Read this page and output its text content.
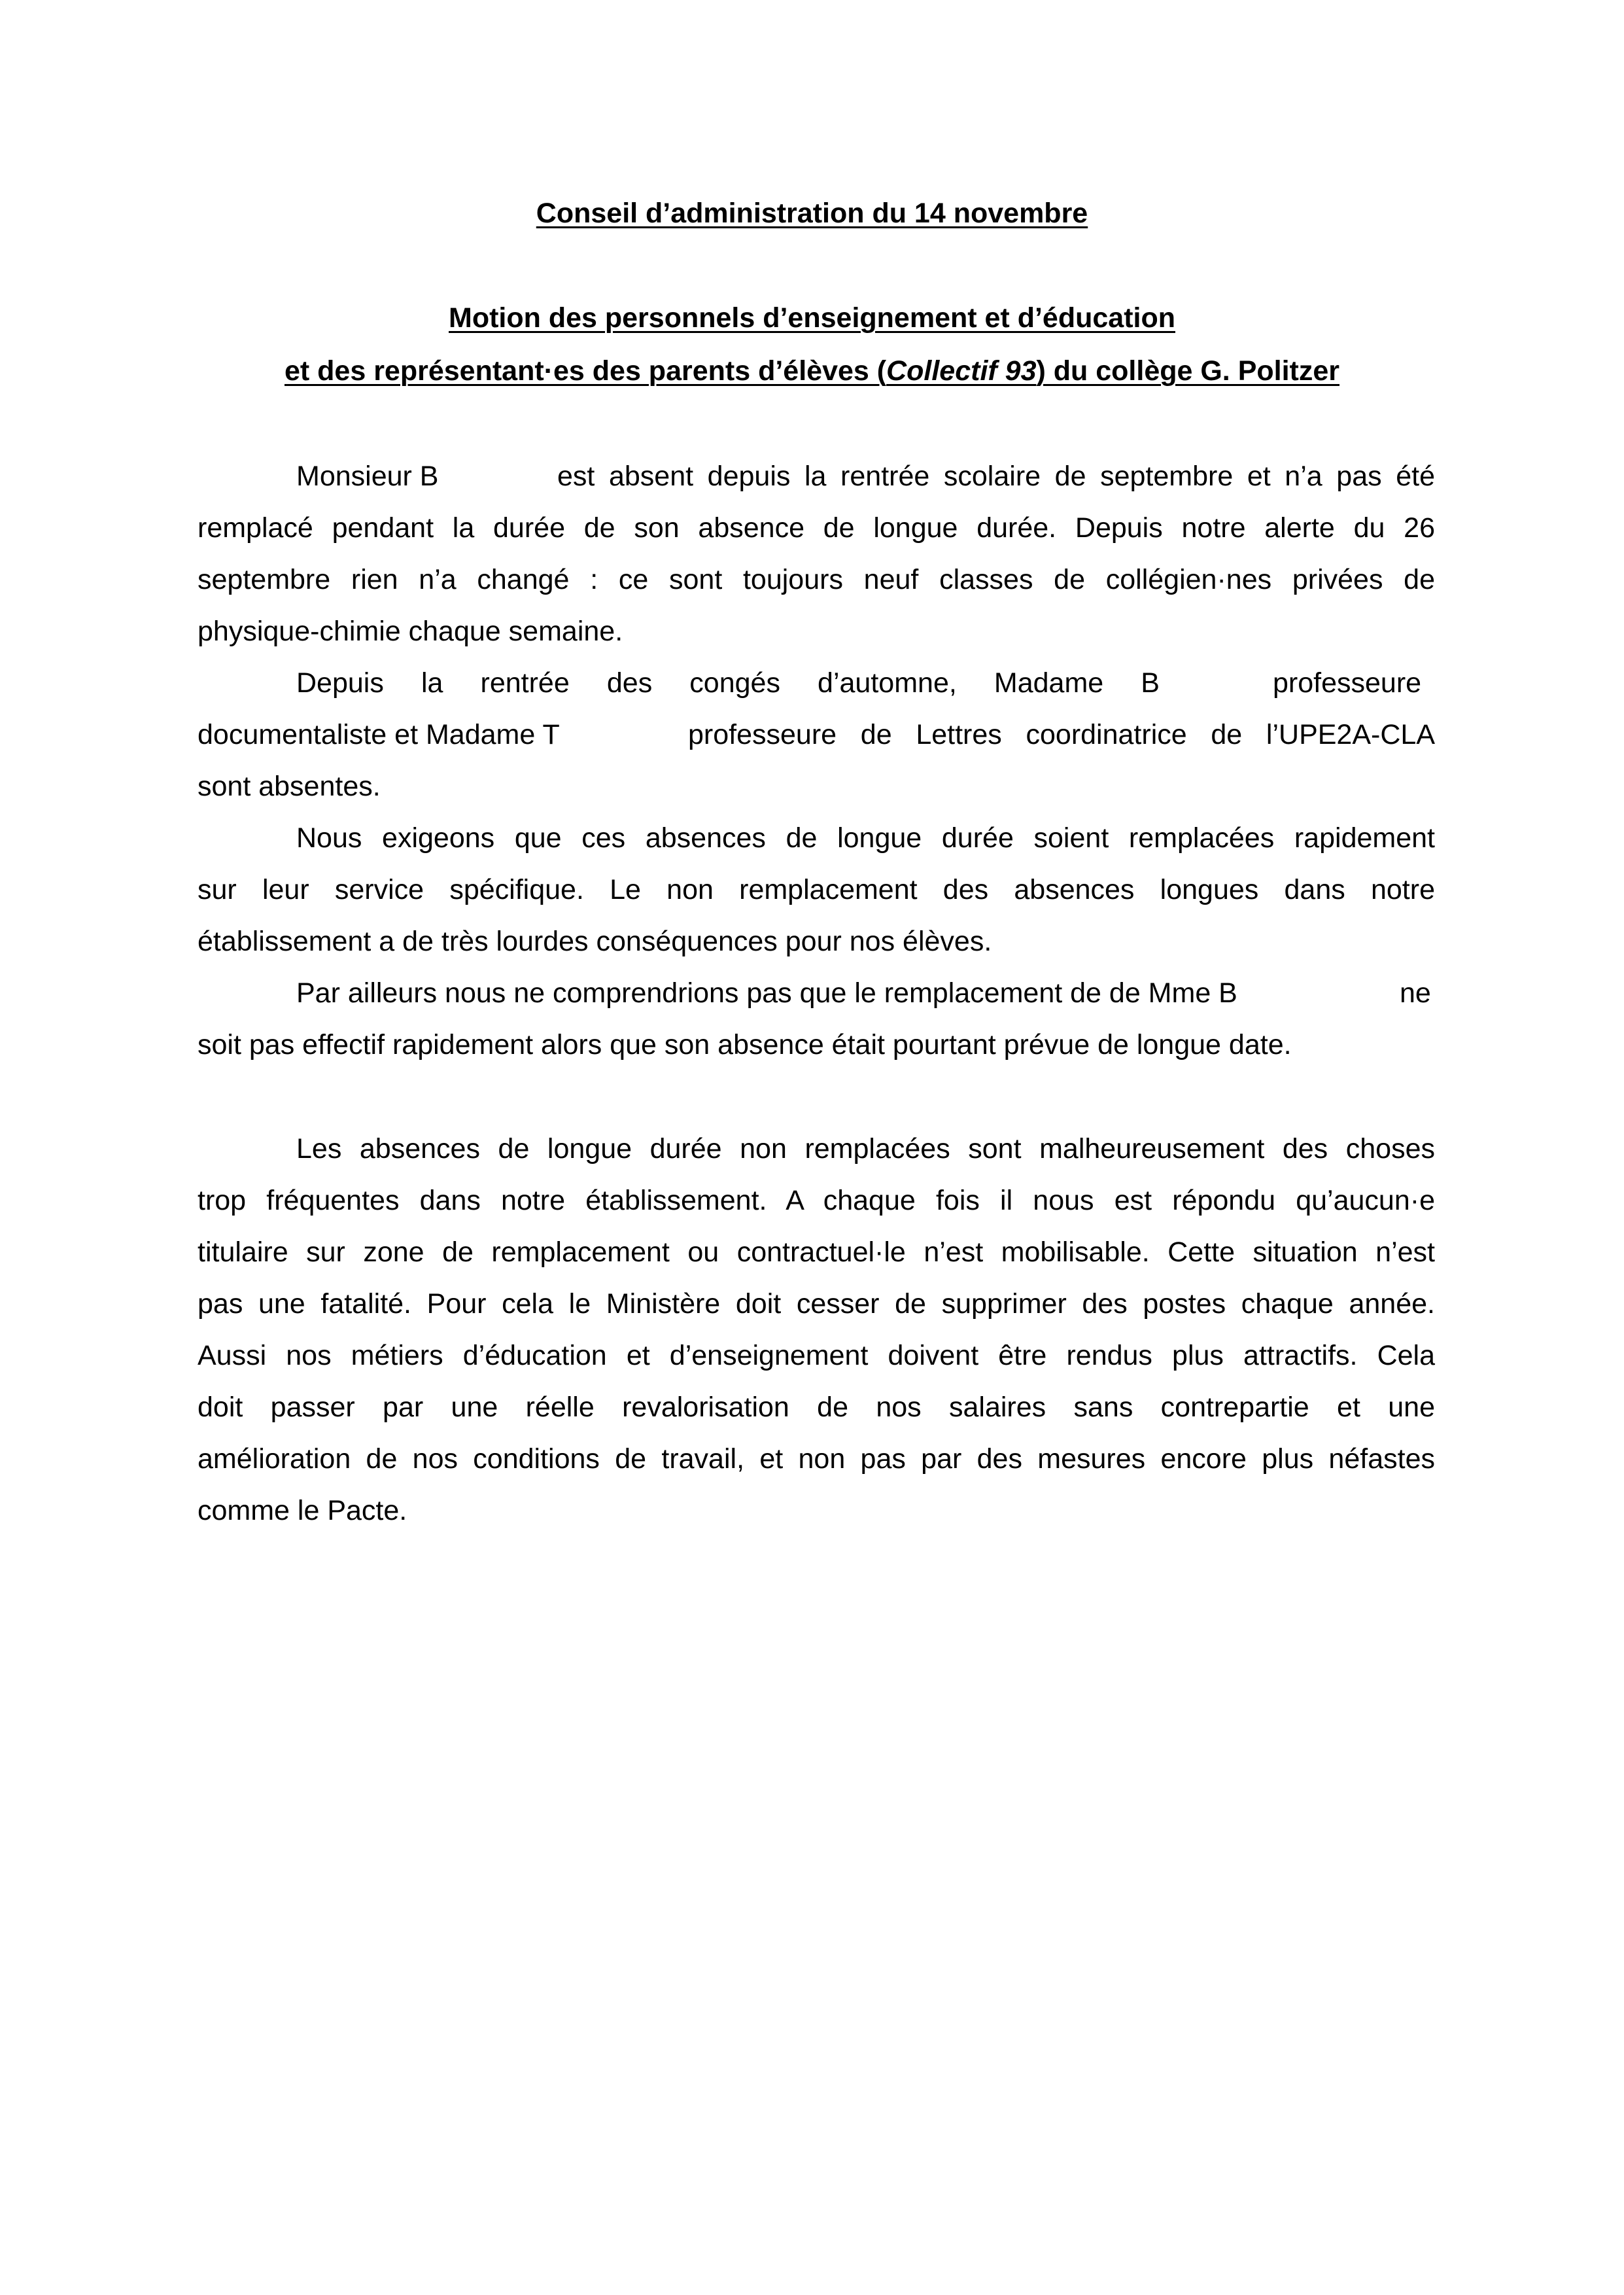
Conseil d’administration du 14 novembre
Motion des personnels d’enseignement et d’éducation
et des représentant·es des parents d’élèves (Collectif 93) du collège G. Politzer
Monsieur B	est absent depuis la rentrée scolaire de septembre et n’a pas été
remplacé pendant la durée de son absence de longue durée. Depuis notre alerte du 26
septembre rien n’a changé : ce sont toujours neuf classes de collégien·nes privées de
physique-chimie chaque semaine.
Depuis la rentrée des congés d’automne, Madame B	professeure
documentaliste et Madame T	professeure de Lettres coordinatrice de l’UPE2A-CLA
sont absentes.
Nous exigeons que ces absences de longue durée soient remplacées rapidement
sur leur service spécifique. Le non remplacement des absences longues dans notre
établissement a de très lourdes conséquences pour nos élèves.
Par ailleurs nous ne comprendrions pas que le remplacement de de Mme B	ne
soit pas effectif rapidement alors que son absence était pourtant prévue de longue date.
Les absences de longue durée non remplacées sont malheureusement des choses
trop fréquentes dans notre établissement. A chaque fois il nous est répondu qu’aucun·e
titulaire sur zone de remplacement ou contractuel·le n’est mobilisable. Cette situation n’est
pas une fatalité. Pour cela le Ministère doit cesser de supprimer des postes chaque année.
Aussi nos métiers d’éducation et d’enseignement doivent être rendus plus attractifs. Cela
doit passer par une réelle revalorisation de nos salaires sans contrepartie et une
amélioration de nos conditions de travail, et non pas par des mesures encore plus néfastes
comme le Pacte.
